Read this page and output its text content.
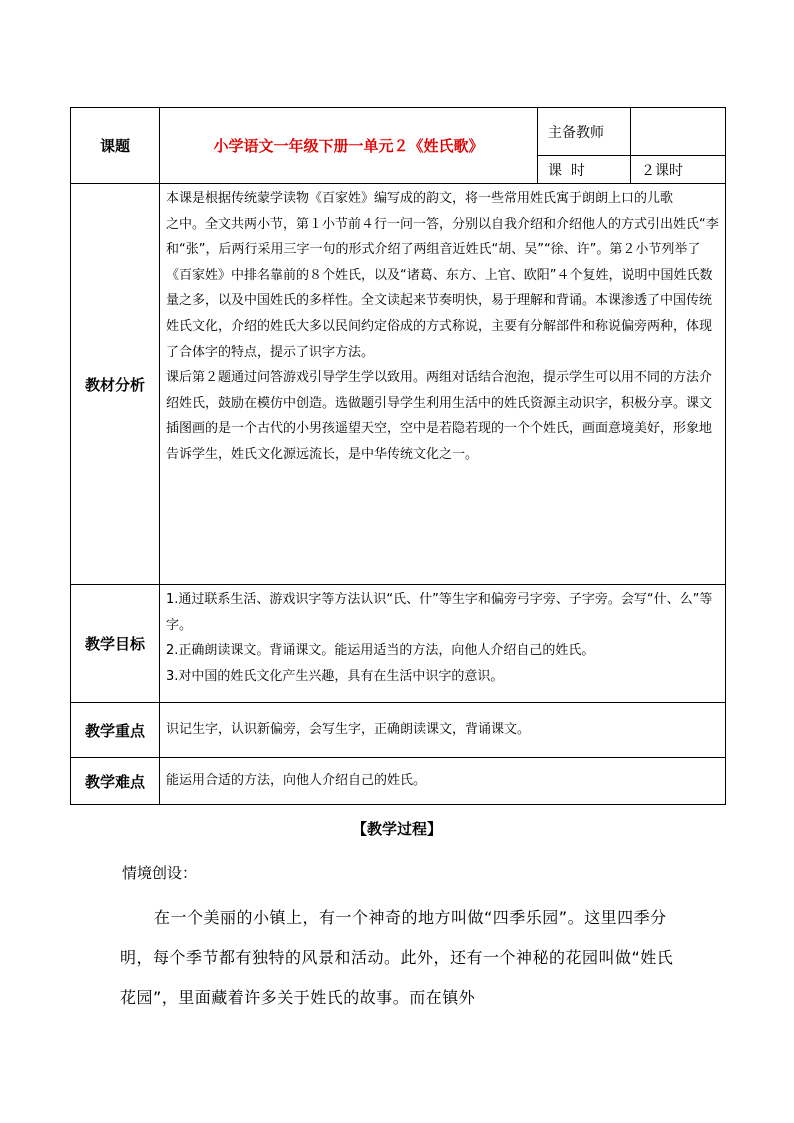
课题	小学语文一年级下册一单元２《姓氏歌》	主备教师	
		课  时	２课时
教材分析	本课是根据传统蒙学读物《百家姓》编写成的韵文，将一些常用姓氏寓于朗朗上口的儿歌

之中。全文共两小节，第１小节前４行一问一答，分别以自我介绍和介绍他人的方式引出姓氏“李和“张”，后两行采用三字一句的形式介绍了两组音近姓氏“胡、吴”“徐、许”。第２小节列举了《百家姓》中排名靠前的８个姓氏，以及“诸葛、东方、上官、欧阳”４个复姓，说明中国姓氏数量之多，以及中国姓氏的多样性。全文读起来节奏明快，易于理解和背诵。本课渗透了中国传统姓氏文化，介绍的姓氏大多以民间约定俗成的方式称说，主要有分解部件和称说偏旁两种，体现了合体字的特点，提示了识字方法。

课后第２题通过问答游戏引导学生学以致用。两组对话结合泡泡，提示学生可以用不同的方法介绍姓氏，鼓励在模仿中创造。选做题引导学生利用生活中的姓氏资源主动识字，积极分享。课文插图画的是一个古代的小男孩遥望天空，空中是若隐若现的一个个姓氏，画面意境美好，形象地告诉学生，姓氏文化源远流长，是中华传统文化之一。		

教学目标	1.通过联系生活、游戏识字等方法认识“氏、什”等生字和偏旁弓字旁、子字旁。会写“什、么”等字。

2.正确朗读课文。背诵课文。能运用适当的方法，向他人介绍自己的姓氏。

3.对中国的姓氏文化产生兴趣，具有在生活中识字的意识。		

教学重点	识记生字，认识新偏旁，会写生字，正确朗读课文，背诵课文。		
教学难点	能运用合适的方法，向他人介绍自己的姓氏。		
【教学过程】
情境创设：

在一个美丽的小镇上，有一个神奇的地方叫做“四季乐园”。这里四季分明，每个季节都有独特的风景和活动。此外，还有一个神秘的花园叫做“姓氏花园”，里面藏着许多关于姓氏的故事。而在镇外
